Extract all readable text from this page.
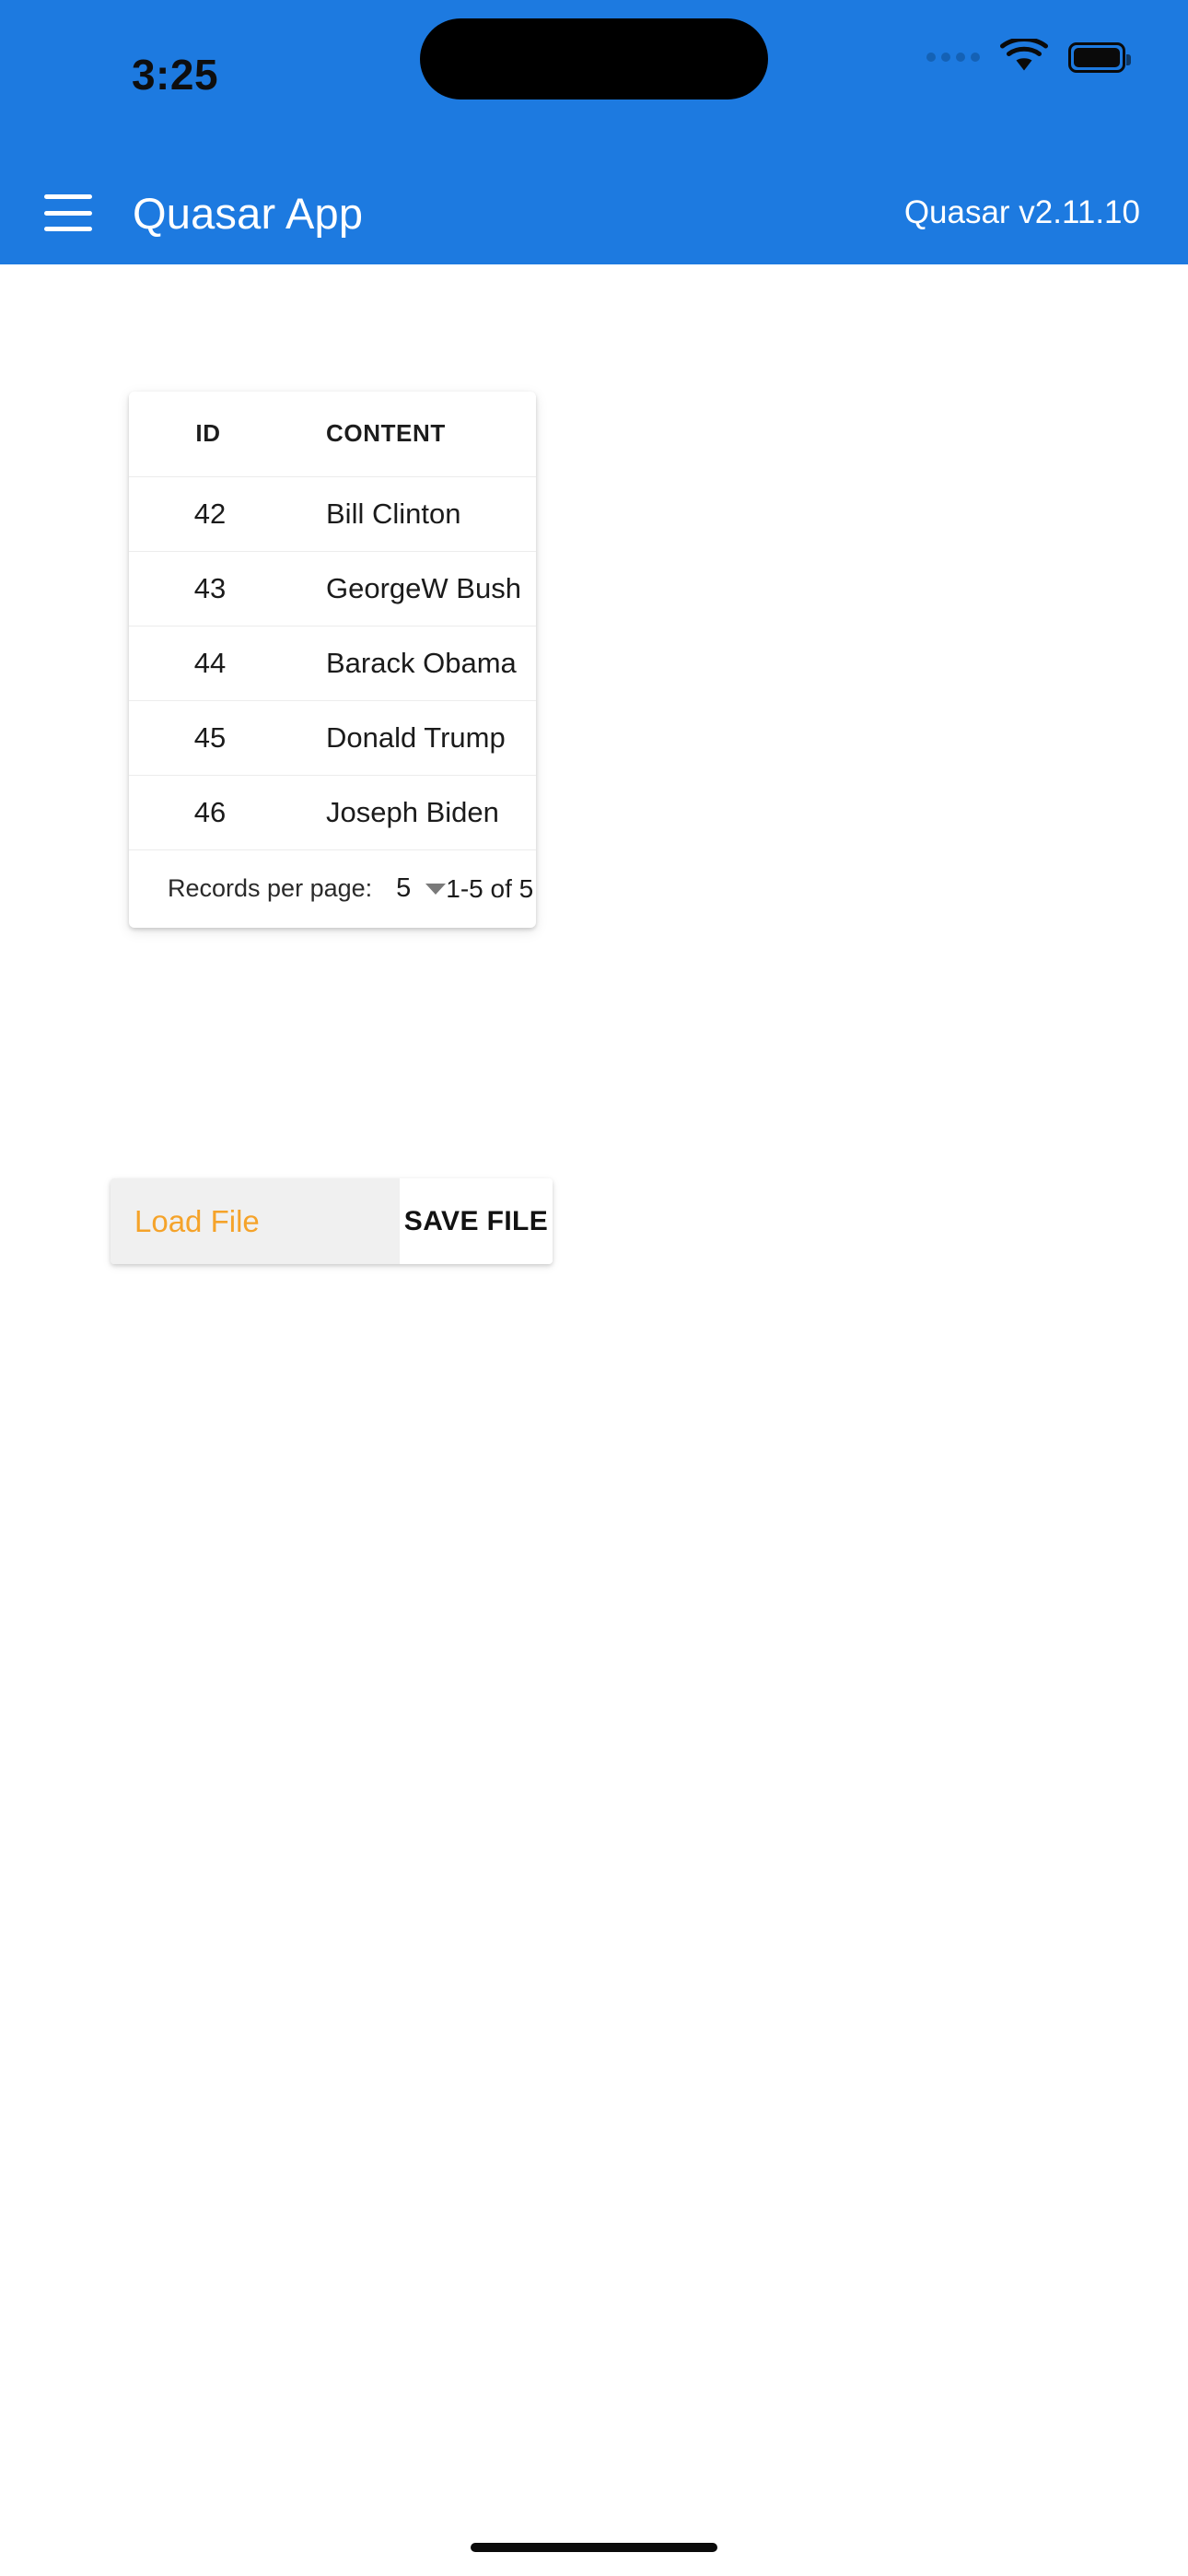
3:25
Quasar App	Quasar v2.11.10
ID	CONTENT
42	Bill Clinton
43	GeorgeW Bush
44	Barack Obama
45	Donald Trump
46	Joseph Biden
Records per page: 5 1-5 of 5
Load File	SAVE FILE
